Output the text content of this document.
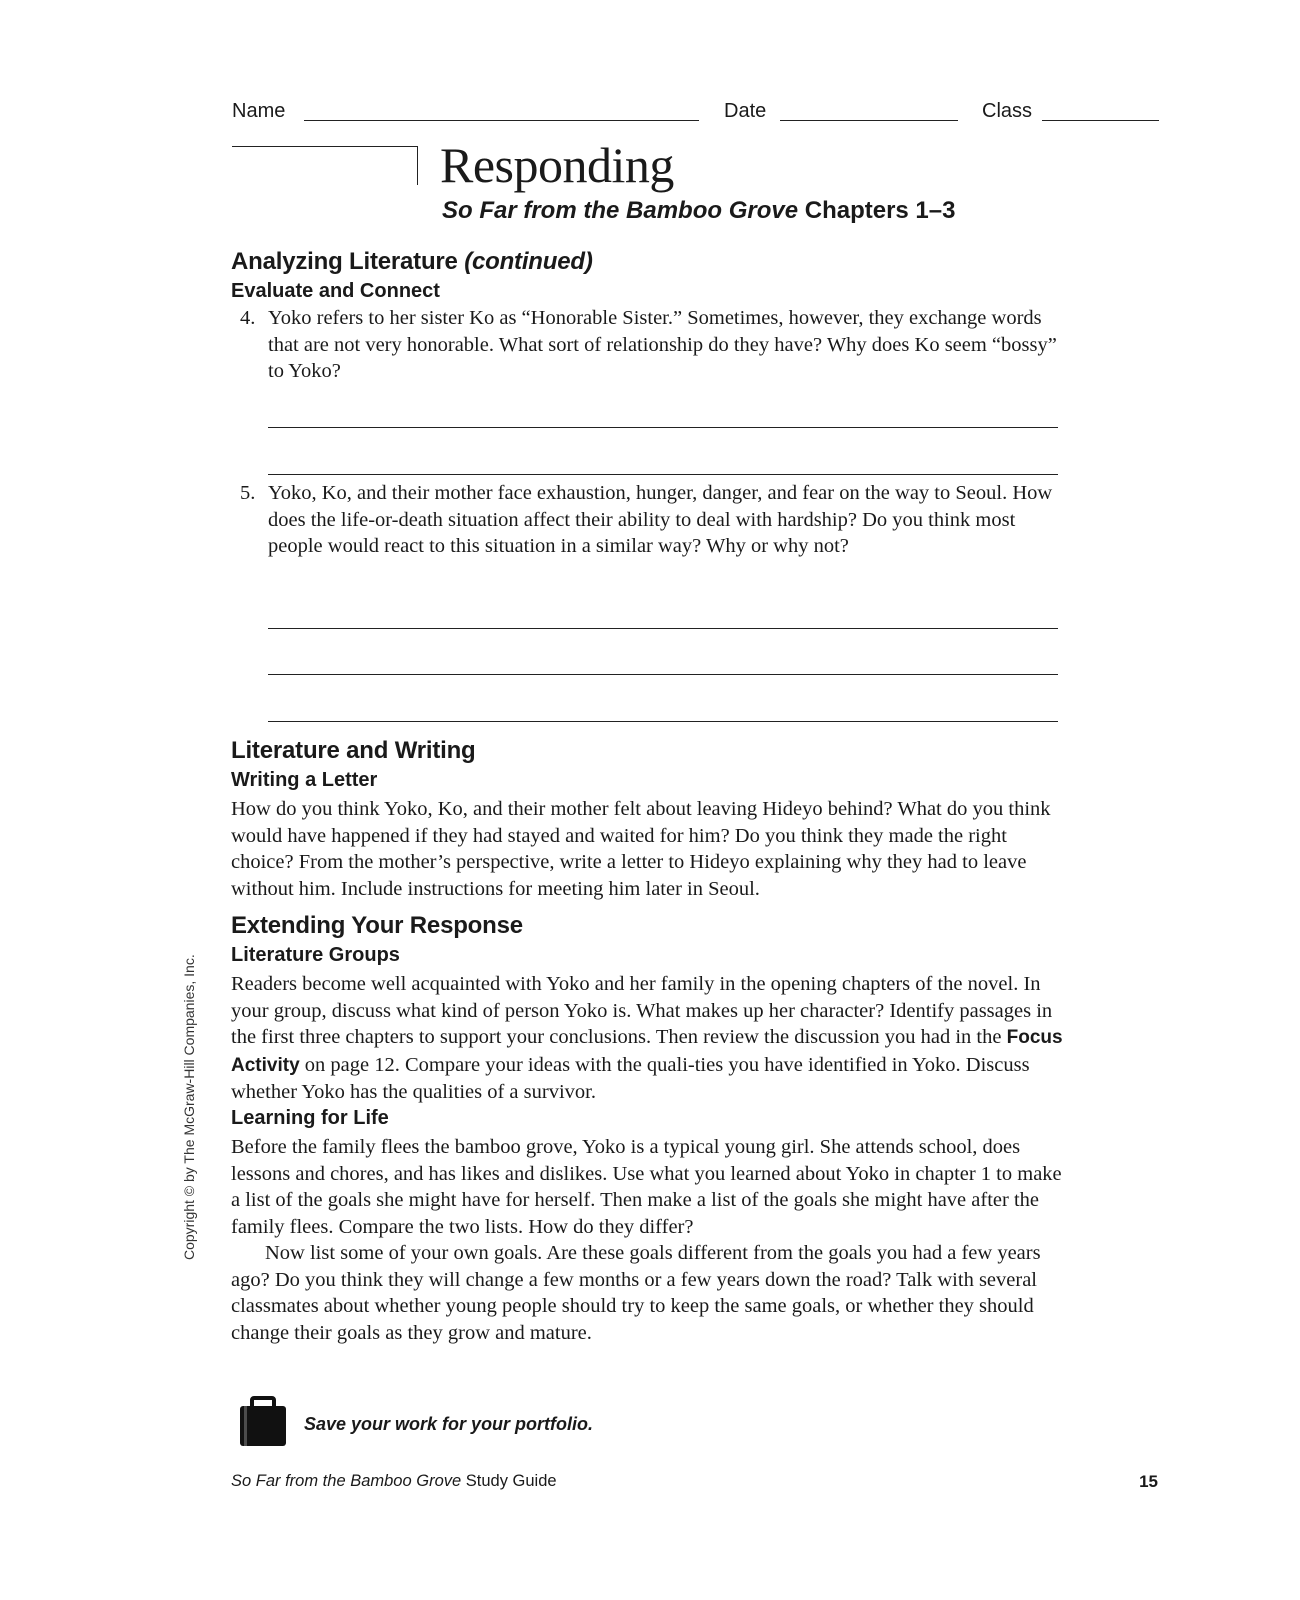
Name	Date	Class
Responding
So Far from the Bamboo Grove Chapters 1–3
Analyzing Literature (continued)
Evaluate and Connect
4. Yoko refers to her sister Ko as “Honorable Sister.” Sometimes, however, they exchange words that are not very honorable. What sort of relationship do they have? Why does Ko seem “bossy” to Yoko?
5. Yoko, Ko, and their mother face exhaustion, hunger, danger, and fear on the way to Seoul. How does the life-or-death situation affect their ability to deal with hardship? Do you think most people would react to this situation in a similar way? Why or why not?
Literature and Writing
Writing a Letter
How do you think Yoko, Ko, and their mother felt about leaving Hideyo behind? What do you think would have happened if they had stayed and waited for him? Do you think they made the right choice? From the mother’s perspective, write a letter to Hideyo explaining why they had to leave without him. Include instructions for meeting him later in Seoul.
Extending Your Response
Literature Groups
Readers become well acquainted with Yoko and her family in the opening chapters of the novel. In your group, discuss what kind of person Yoko is. What makes up her character? Identify passages in the first three chapters to support your conclusions. Then review the discussion you had in the Focus Activity on page 12. Compare your ideas with the quali-ties you have identified in Yoko. Discuss whether Yoko has the qualities of a survivor.
Learning for Life
Before the family flees the bamboo grove, Yoko is a typical young girl. She attends school, does lessons and chores, and has likes and dislikes. Use what you learned about Yoko in chapter 1 to make a list of the goals she might have for herself. Then make a list of the goals she might have after the family flees. Compare the two lists. How do they differ?
Now list some of your own goals. Are these goals different from the goals you had a few years ago? Do you think they will change a few months or a few years down the road? Talk with several classmates about whether young people should try to keep the same goals, or whether they should change their goals as they grow and mature.
Copyright © by The McGraw-Hill Companies, Inc.
Save your work for your portfolio.
So Far from the Bamboo Grove Study Guide	15
